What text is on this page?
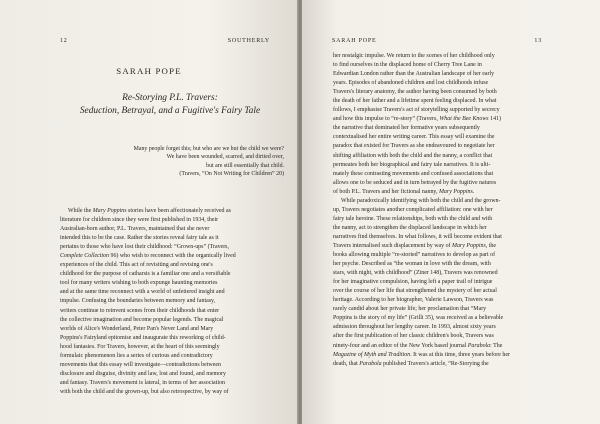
12	SOUTHERLY
SARAH POPE
Re-Storying P.L. Travers:
Seduction, Betrayal, and a Fugitive's Fairy Tale
Many people forget this; but who are we but the child we were?
We have been wounded, scarred, and dirtied over,
but are still essentially that child.
(Travers, “On Not Writing for Children” 20)
While the Mary Poppins stories have been affectionately received as
literature for children since they were first published in 1934, their
Australian-born author, P.L. Travers, maintained that she never
intended this to be the case. Rather the stories reveal fairy tale as it
pertains to those who have lost their childhood: “Grown-ups” (Travers,
Complete Collection 96) who wish to reconnect with the organically lived
experiences of the child. This act of revisiting and revising one's
childhood for the purpose of catharsis is a familiar one and a versifiable
tool for many writers wishing to both expunge haunting memories
and at the same time reconnect with a world of unfettered insight and
impulse. Confusing the boundaries between memory and fantasy,
writers continue to reinvent scenes from their childhoods that enter
the collective imagination and become popular legends. The magical
worlds of Alice's Wonderland, Peter Pan's Never Land and Mary
Poppins's Fairyland epitomise and inaugurate this reworking of child-
hood fantasies. For Travers, however, at the heart of this seemingly
formulaic phenomenon lies a series of curious and contradictory
movements that this essay will investigate—contradictions between
disclosure and disguise, divinity and law, lost and found, and memory
and fantasy. Travers's movement is lateral, in terms of her association
with both the child and the grown-up, but also retrospective, by way of
SARAH POPE	13
her nostalgic impulse. We return to the scenes of her childhood only
to find ourselves in the displaced home of Cherry Tree Lane in
Edwardian London rather than the Australian landscape of her early
years. Episodes of abandoned children and lost childhoods infuse
Travers's literary anatomy, the author having been consumed by both
the death of her father and a lifetime spent feeling displaced. In what
follows, I emphasise Travers's act of storytelling supported by secrecy
and how this impulse to “re-story” (Travers, What the Bee Knows 141)
the narrative that dominated her formative years subsequently
contextualised her entire writing career. This essay will examine the
paradox that existed for Travers as she endeavoured to negotiate her
shifting affiliation with both the child and the nanny, a conflict that
permeates both her biographical and fairy tale narratives. It is ulti-
mately these contrasting movements and confused associations that
allows one to be seduced and in turn betrayed by the fugitive natures
of both P.L. Travers and her fictional nanny, Mary Poppins.
While paradoxically identifying with both the child and the grown-
up, Travers negotiates another complicated affiliation: one with her
fairy tale heroine. These relationships, both with the child and with
the nanny, act to strengthen the displaced landscape in which her
narratives find themselves. In what follows, it will become evident that
Travers internalised such displacement by way of Mary Poppins, the
books allowing multiple “re-storied” narratives to develop as part of
her psyche. Described as “the woman in love with the dream, with
stars, with night, with childhood” (Ziner 148), Travers was renowned
for her imaginative compulsion, having left a paper trail of intrigue
over the course of her life that strengthened the mystery of her actual
heritage. According to her biographer, Valerie Lawson, Travers was
rarely candid about her private life; her proclamation that “Mary
Poppins is the story of my life” (Grilli 35), was received as a believable
admission throughout her lengthy career. In 1993, almost sixty years
after the first publication of her classic children's book, Travers was
ninety-four and an editor of the New York based journal Parabola: The
Magazine of Myth and Tradition. It was at this time, three years before her
death, that Parabola published Travers's article, “Re-Storying the
